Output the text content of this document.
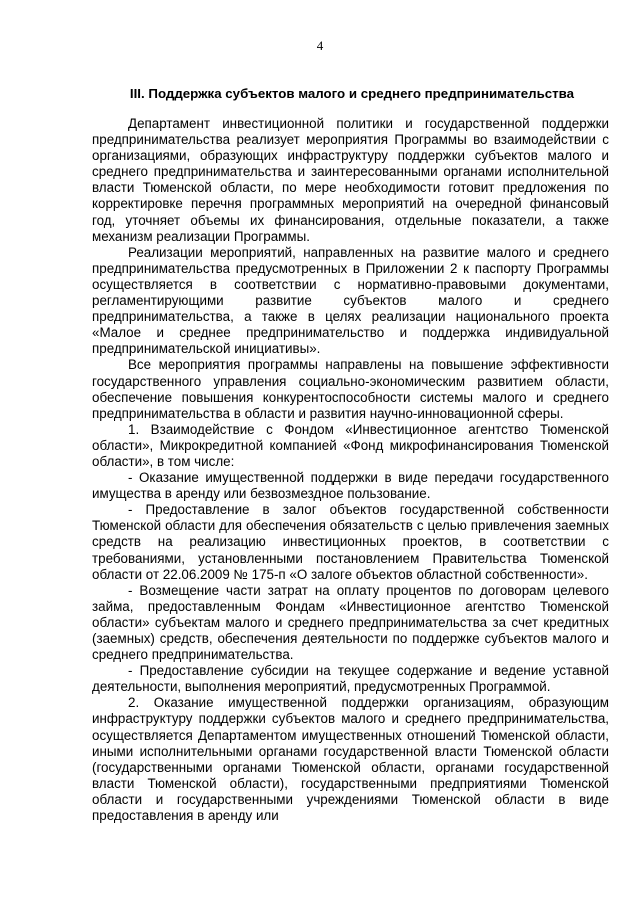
4
III. Поддержка субъектов малого и среднего предпринимательства

Департамент инвестиционной политики и государственной поддержки предпринимательства реализует мероприятия Программы во взаимодействии с организациями, образующих инфраструктуру поддержки субъектов малого и среднего предпринимательства и заинтересованными органами исполнительной власти Тюменской области, по мере необходимости готовит предложения по корректировке перечня программных мероприятий на очередной финансовый год, уточняет объемы их финансирования, отдельные показатели, а также механизм реализации Программы.

Реализации мероприятий, направленных на развитие малого и среднего предпринимательства предусмотренных в Приложении 2 к паспорту Программы осуществляется в соответствии с нормативно-правовыми документами, регламентирующими развитие субъектов малого и среднего предпринимательства, а также в целях реализации национального проекта «Малое и среднее предпринимательство и поддержка индивидуальной предпринимательской инициативы».

Все мероприятия программы направлены на повышение эффективности государственного управления социально-экономическим развитием области, обеспечение повышения конкурентоспособности системы малого и среднего предпринимательства в области и развития научно-инновационной сферы.

1. Взаимодействие с Фондом «Инвестиционное агентство Тюменской области», Микрокредитной компанией «Фонд микрофинансирования Тюменской области», в том числе:

- Оказание имущественной поддержки в виде передачи государственного имущества в аренду или безвозмездное пользование.

- Предоставление в залог объектов государственной собственности Тюменской области для обеспечения обязательств с целью привлечения заемных средств на реализацию инвестиционных проектов, в соответствии с требованиями, установленными постановлением Правительства Тюменской области от 22.06.2009 № 175-п «О залоге объектов областной собственности».

- Возмещение части затрат на оплату процентов по договорам целевого займа, предоставленным Фондам «Инвестиционное агентство Тюменской области» субъектам малого и среднего предпринимательства за счет кредитных (заемных) средств, обеспечения деятельности по поддержке субъектов малого и среднего предпринимательства.

- Предоставление субсидии на текущее содержание и ведение уставной деятельности, выполнения мероприятий, предусмотренных Программой.

2. Оказание имущественной поддержки организациям, образующим инфраструктуру поддержки субъектов малого и среднего предпринимательства, осуществляется Департаментом имущественных отношений Тюменской области, иными исполнительными органами государственной власти Тюменской области (государственными органами Тюменской области, органами государственной власти Тюменской области), государственными предприятиями Тюменской области и государственными учреждениями Тюменской области в виде предоставления в аренду или
